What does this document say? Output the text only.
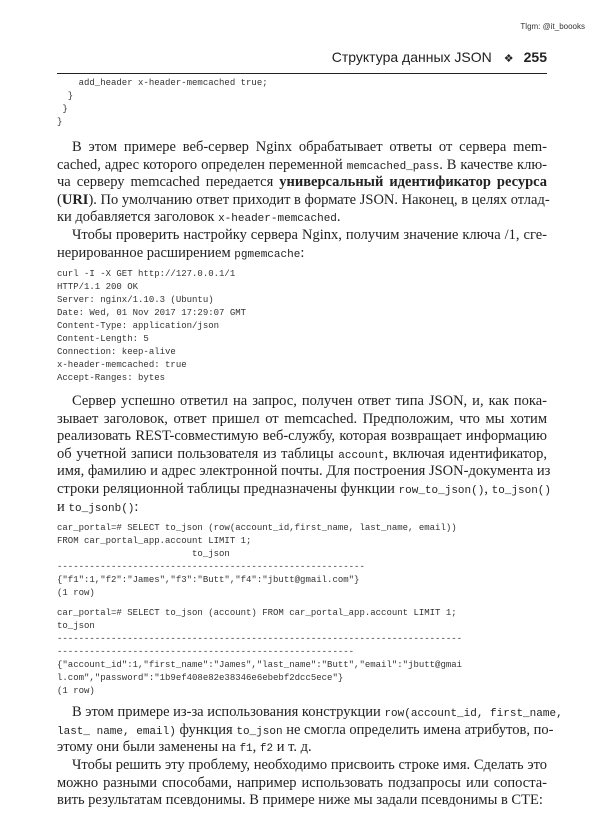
Tlgm: @it_boooks
Структура данных JSON ❖ 255
add_header x-header-memcached true;
}
}
}
В этом примере веб-сервер Nginx обрабатывает ответы от сервера mem-
cached, адрес которого определен переменной memcached_pass. В качестве клю-
ча серверу memcached передается универсальный идентификатор ресурса
(URI). По умолчанию ответ приходит в формате JSON. Наконец, в целях отлад-
ки добавляется заголовок x-header-memcached.
Чтобы проверить настройку сервера Nginx, получим значение ключа /1, сге-
нерированное расширением pgmemcache:
curl -I -X GET http://127.0.0.1/1
HTTP/1.1 200 OK
Server: nginx/1.10.3 (Ubuntu)
Date: Wed, 01 Nov 2017 17:29:07 GMT
Content-Type: application/json
Content-Length: 5
Connection: keep-alive
x-header-memcached: true
Accept-Ranges: bytes
Сервер успешно ответил на запрос, получен ответ типа JSON, и, как пока-
зывает заголовок, ответ пришел от memcached. Предположим, что мы хотим
реализовать REST-совместимую веб-службу, которая возвращает информацию
об учетной записи пользователя из таблицы account, включая идентификатор,
имя, фамилию и адрес электронной почты. Для построения JSON-документа из
строки реляционной таблицы предназначены функции row_to_json(), to_json()
и to_jsonb():
car_portal=# SELECT to_json (row(account_id,first_name, last_name, email))
FROM car_portal_app.account LIMIT 1;
to_json
---------------------------------------------------------
{"f1":1,"f2":"James","f3":"Butt","f4":"jbutt@gmail.com"}
(1 row)
car_portal=# SELECT to_json (account) FROM car_portal_app.account LIMIT 1;
to_json
---------------------------------------------------------------------------
-------------------------------------------------------
{"account_id":1,"first_name":"James","last_name":"Butt","email":"jbutt@gmai
l.com","password":"1b9ef408e82e38346e6ebebf2dcc5ece"}
(1 row)
В этом примере из-за использования конструкции row(account_id, first_name,
last_ name, email) функция to_json не смогла определить имена атрибутов, по-
этому они были заменены на f1, f2 и т. д.
Чтобы решить эту проблему, необходимо присвоить строке имя. Сделать это
можно разными способами, например использовать подзапросы или сопоста-
вить результатам псевдонимы. В примере ниже мы задали псевдонимы в CTE:
